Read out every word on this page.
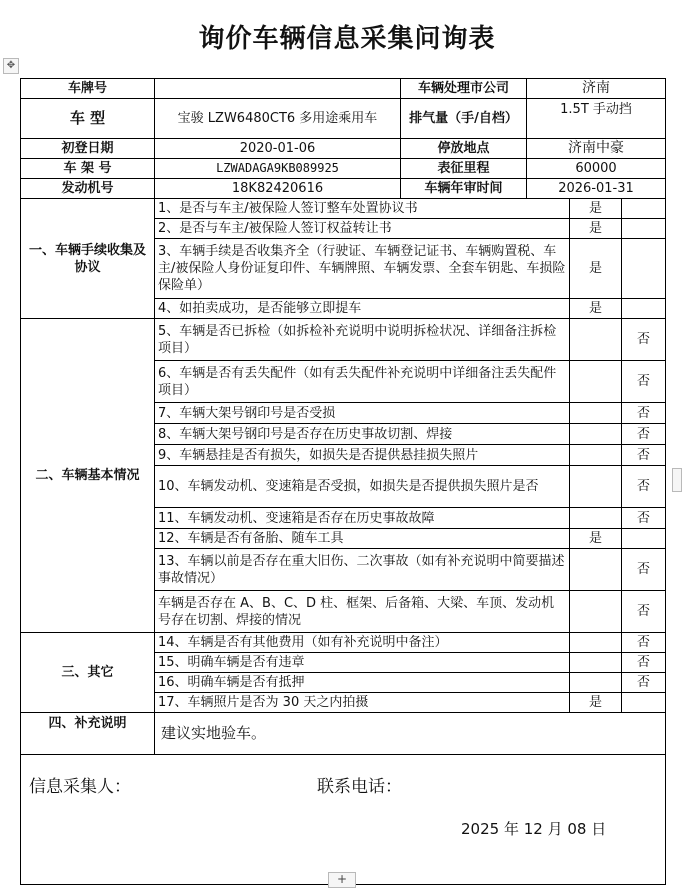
询价车辆信息采集问询表
✥
车牌号		车辆处理市公司	济南		
车 型	宝骏 LZW6480CT6 多用途乘用车	排气量（手/自档）	1.5T 手动挡		
初登日期	2020-01-06	停放地点	济南中豪		
车 架 号	LZWADAGA9KB089925	表征里程	60000		
发动机号	18K82420616	车辆年审时间	2026-01-31		
一、车辆手续收集及协议	1、是否与车主/被保险人签订整车处置协议书			是	
	2、是否与车主/被保险人签订权益转让书			是	
	3、车辆手续是否收集齐全（行驶证、车辆登记证书、车辆购置税、车主/被保险人身份证复印件、车辆牌照、车辆发票、全套车钥匙、车损险保险单）			是	
	4、如拍卖成功，是否能够立即提车			是	
二、车辆基本情况	5、车辆是否已拆检（如拆检补充说明中说明拆检状况、详细备注拆检项目）				否
	6、车辆是否有丢失配件（如有丢失配件补充说明中详细备注丢失配件项目）				否
	7、车辆大架号钢印号是否受损				否
	8、车辆大架号钢印号是否存在历史事故切割、焊接				否
	9、车辆悬挂是否有损失，如损失是否提供悬挂损失照片				否
	10、车辆发动机、变速箱是否受损，如损失是否提供损失照片是否				否
	11、车辆发动机、变速箱是否存在历史事故故障				否
	12、车辆是否有备胎、随车工具			是	
	13、车辆以前是否存在重大旧伤、二次事故（如有补充说明中简要描述事故情况）				否
	车辆是否存在 A、B、C、D 柱、框架、后备箱、大梁、车顶、发动机号存在切割、焊接的情况				否
三、其它	14、车辆是否有其他费用（如有补充说明中备注）				否
	15、明确车辆是否有违章				否
	16、明确车辆是否有抵押				否
	17、车辆照片是否为 30 天之内拍摄			是	
四、补充说明	建议实地验车。				

信息采集人： 联系电话：
2025 年 12 月 08 日					
+
